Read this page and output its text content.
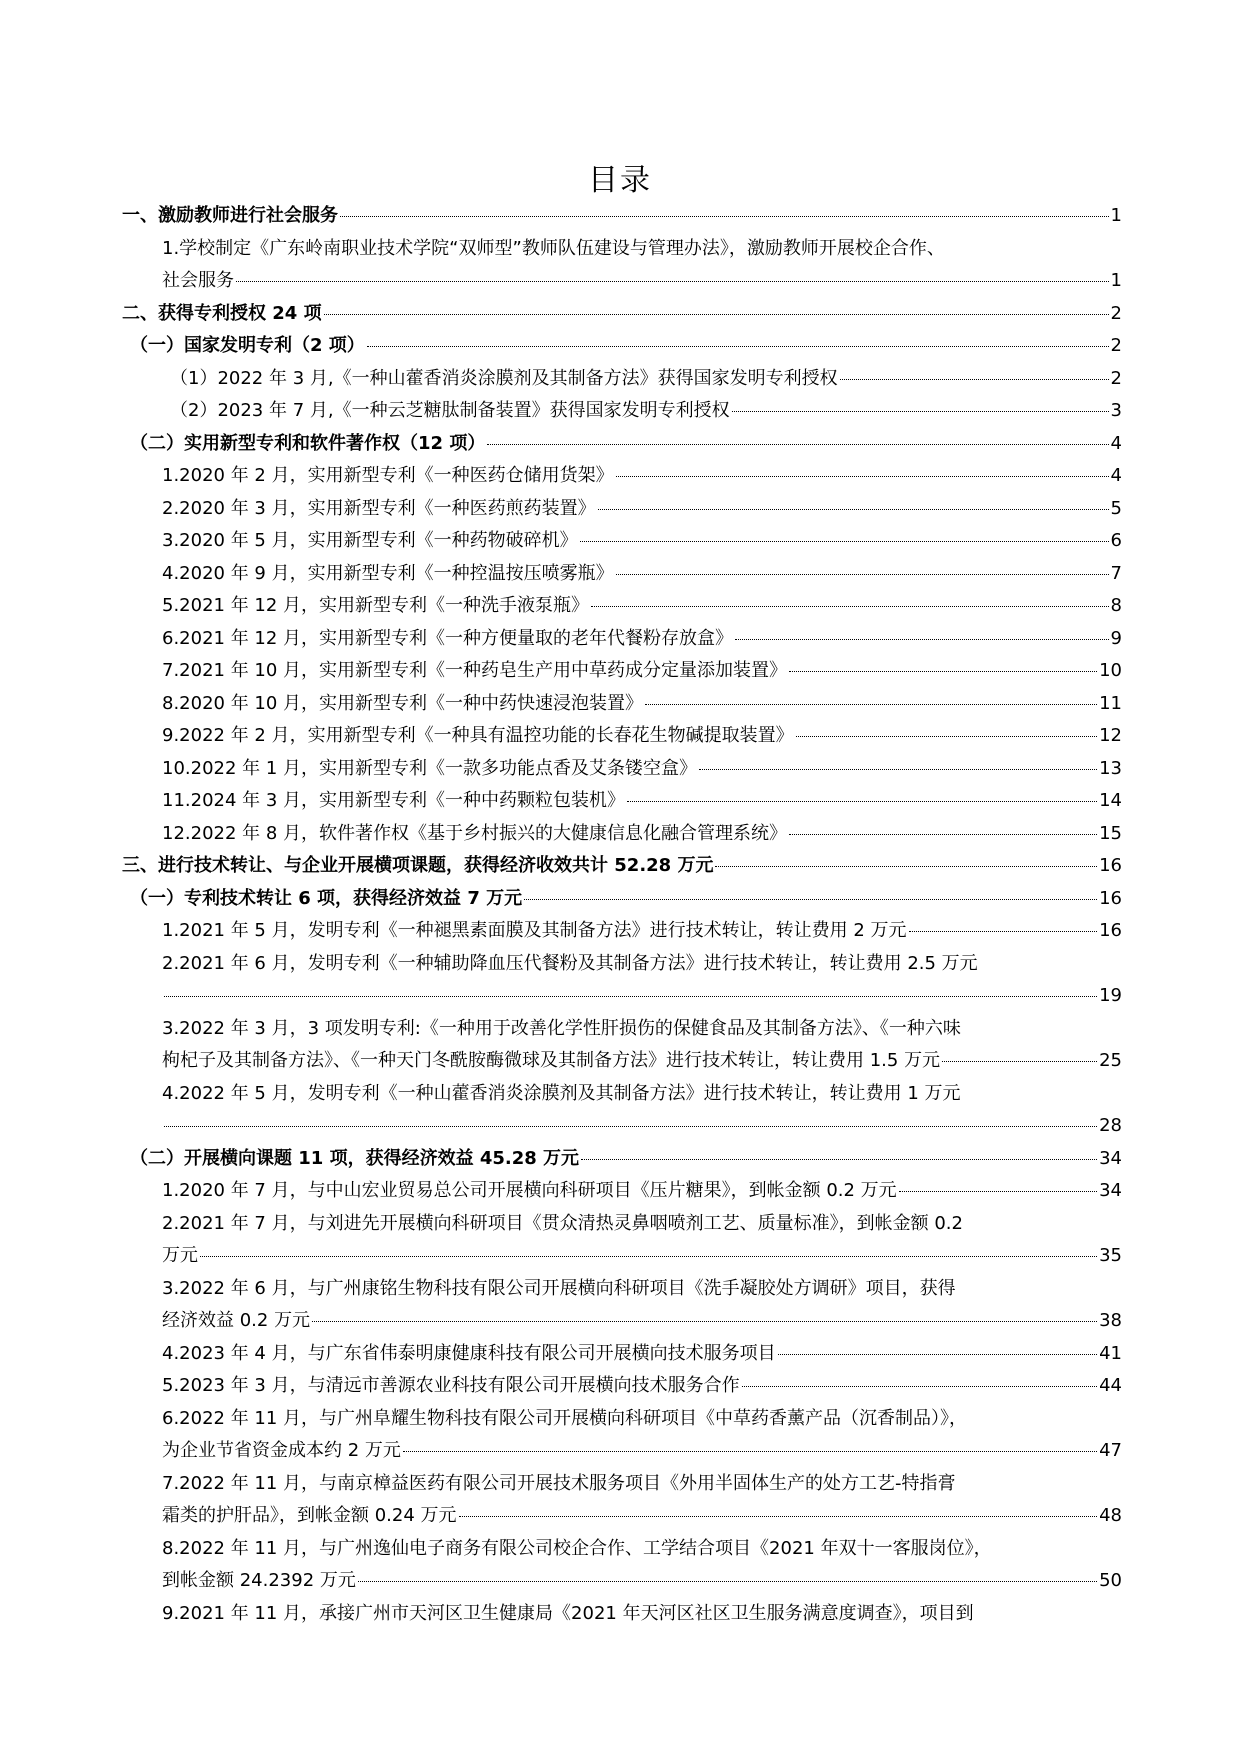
目录
一、激励教师进行社会服务	1
1.学校制定《广东岭南职业技术学院“双师型”教师队伍建设与管理办法》，激励教师开展校企合作、
社会服务	1
二、获得专利授权 24 项	2
（一）国家发明专利（2 项）	2
（1）2022 年 3 月,《一种山藿香消炎涂膜剂及其制备方法》获得国家发明专利授权	2
（2）2023 年 7 月,《一种云芝糖肽制备装置》获得国家发明专利授权	3
（二）实用新型专利和软件著作权（12 项）	4
1.2020 年 2 月，实用新型专利《一种医药仓储用货架》	4
2.2020 年 3 月，实用新型专利《一种医药煎药装置》	5
3.2020 年 5 月，实用新型专利《一种药物破碎机》	6
4.2020 年 9 月，实用新型专利《一种控温按压喷雾瓶》	7
5.2021 年 12 月，实用新型专利《一种洗手液泵瓶》	8
6.2021 年 12 月，实用新型专利《一种方便量取的老年代餐粉存放盒》	9
7.2021 年 10 月，实用新型专利《一种药皂生产用中草药成分定量添加装置》	10
8.2020 年 10 月，实用新型专利《一种中药快速浸泡装置》	11
9.2022 年 2 月，实用新型专利《一种具有温控功能的长春花生物碱提取装置》	12
10.2022 年 1 月，实用新型专利《一款多功能点香及艾条镂空盒》	13
11.2024 年 3 月，实用新型专利《一种中药颗粒包装机》	14
12.2022 年 8 月，软件著作权《基于乡村振兴的大健康信息化融合管理系统》	15
三、进行技术转让、与企业开展横项课题，获得经济收效共计 52.28 万元	16
（一）专利技术转让 6 项，获得经济效益 7 万元	16
1.2021 年 5 月，发明专利《一种褪黑素面膜及其制备方法》进行技术转让，转让费用 2 万元	16
2.2021 年 6 月，发明专利《一种辅助降血压代餐粉及其制备方法》进行技术转让，转让费用 2.5 万元
19
3.2022 年 3 月，3 项发明专利:《一种用于改善化学性肝损伤的保健食品及其制备方法》、《一种六味
枸杞子及其制备方法》、《一种天门冬酰胺酶微球及其制备方法》进行技术转让，转让费用 1.5 万元	25
4.2022 年 5 月，发明专利《一种山藿香消炎涂膜剂及其制备方法》进行技术转让，转让费用 1 万元
28
（二）开展横向课题 11 项，获得经济效益 45.28 万元	34
1.2020 年 7 月，与中山宏业贸易总公司开展横向科研项目《压片糖果》，到帐金额 0.2 万元	34
2.2021 年 7 月，与刘进先开展横向科研项目《贯众清热灵鼻咽喷剂工艺、质量标准》，到帐金额 0.2
万元	35
3.2022 年 6 月，与广州康铭生物科技有限公司开展横向科研项目《洗手凝胶处方调研》项目，获得
经济效益 0.2 万元	38
4.2023 年 4 月，与广东省伟泰明康健康科技有限公司开展横向技术服务项目	41
5.2023 年 3 月，与清远市善源农业科技有限公司开展横向技术服务合作	44
6.2022 年 11 月，与广州阜耀生物科技有限公司开展横向科研项目《中草药香薰产品（沉香制品）》，
为企业节省资金成本约 2 万元	47
7.2022 年 11 月，与南京樟益医药有限公司开展技术服务项目《外用半固体生产的处方工艺-特指膏
霜类的护肝品》，到帐金额 0.24 万元	48
8.2022 年 11 月，与广州逸仙电子商务有限公司校企合作、工学结合项目《2021 年双十一客服岗位》，
到帐金额 24.2392 万元	50
9.2021 年 11 月，承接广州市天河区卫生健康局《2021 年天河区社区卫生服务满意度调查》，项目到
